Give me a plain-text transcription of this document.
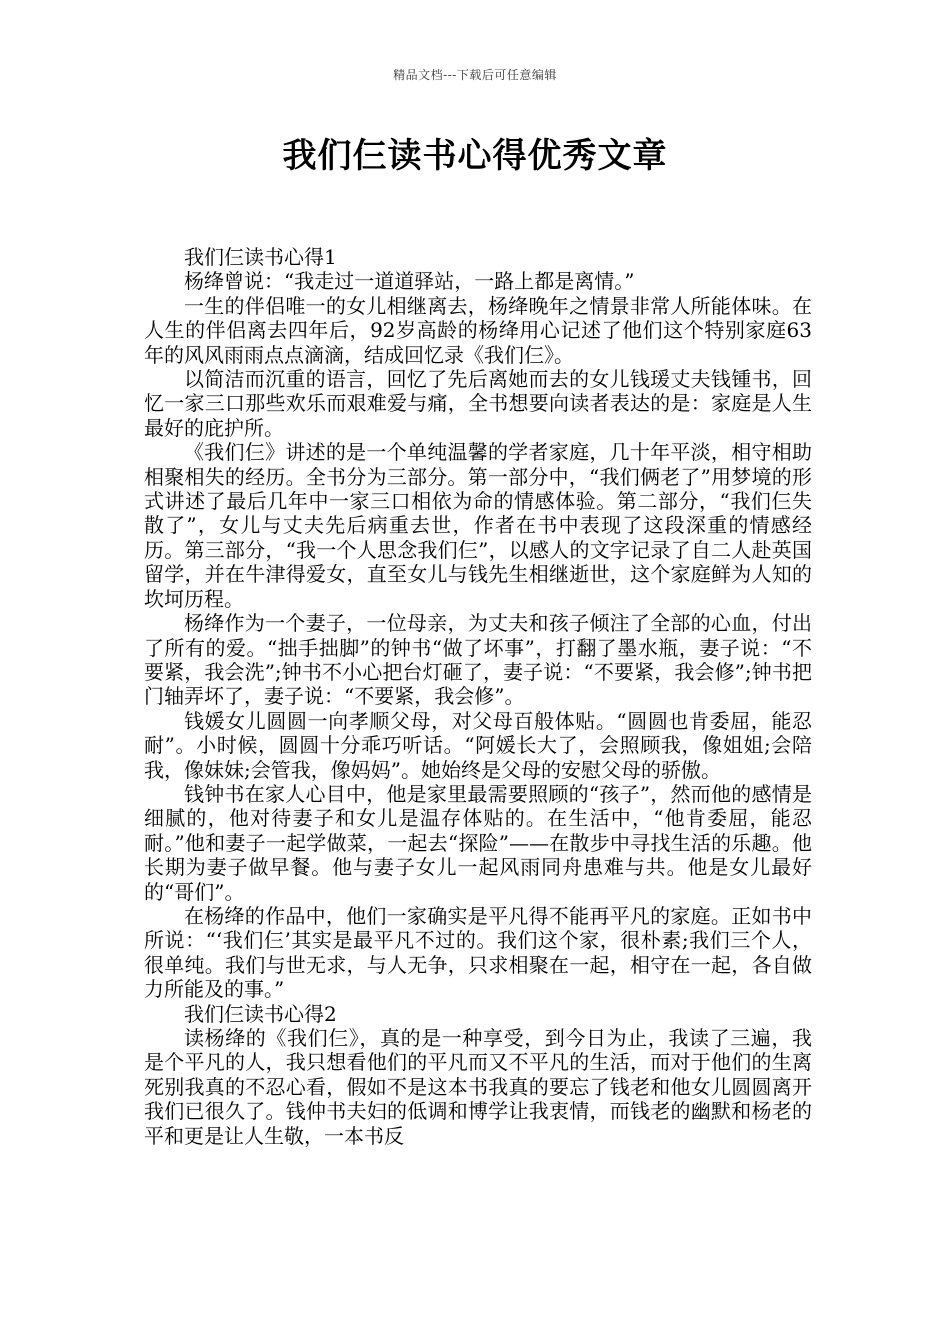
精品文档---下载后可任意编辑
我们仨读书心得优秀文章

我们仨读书心得1

杨绛曾说：“我走过一道道驿站，一路上都是离情。”

一生的伴侣唯一的女儿相继离去，杨绛晚年之情景非常人所能体味。在人生的伴侣离去四年后，92岁高龄的杨绛用心记述了他们这个特别家庭63年的风风雨雨点点滴滴，结成回忆录《我们仨》。

以简洁而沉重的语言，回忆了先后离她而去的女儿钱瑗丈夫钱锺书，回忆一家三口那些欢乐而艰难爱与痛，全书想要向读者表达的是：家庭是人生最好的庇护所。

《我们仨》讲述的是一个单纯温馨的学者家庭，几十年平淡，相守相助相聚相失的经历。全书分为三部分。第一部分中，“我们俩老了”用梦境的形式讲述了最后几年中一家三口相依为命的情感体验。第二部分，“我们仨失散了”，女儿与丈夫先后病重去世，作者在书中表现了这段深重的情感经历。第三部分，“我一个人思念我们仨”，以感人的文字记录了自二人赴英国留学，并在牛津得爱女，直至女儿与钱先生相继逝世，这个家庭鲜为人知的坎坷历程。

杨绛作为一个妻子，一位母亲，为丈夫和孩子倾注了全部的心血，付出了所有的爱。“拙手拙脚”的钟书“做了坏事”，打翻了墨水瓶，妻子说：“不要紧，我会洗”;钟书不小心把台灯砸了，妻子说：“不要紧，我会修”;钟书把门轴弄坏了，妻子说：“不要紧，我会修”。

钱媛女儿圆圆一向孝顺父母，对父母百般体贴。“圆圆也肯委屈，能忍耐”。小时候，圆圆十分乖巧听话。“阿媛长大了，会照顾我，像姐姐;会陪我，像妹妹;会管我，像妈妈”。她始终是父母的安慰父母的骄傲。

钱钟书在家人心目中，他是家里最需要照顾的“孩子”，然而他的感情是细腻的，他对待妻子和女儿是温存体贴的。在生活中，“他肯委屈，能忍耐。”他和妻子一起学做菜，一起去“探险”——在散步中寻找生活的乐趣。他长期为妻子做早餐。他与妻子女儿一起风雨同舟患难与共。他是女儿最好的“哥们”。

在杨绛的作品中，他们一家确实是平凡得不能再平凡的家庭。正如书中所说：“‘我们仨’其实是最平凡不过的。我们这个家，很朴素;我们三个人，很单纯。我们与世无求，与人无争，只求相聚在一起，相守在一起，各自做力所能及的事。”

我们仨读书心得2

读杨绛的《我们仨》，真的是一种享受，到今日为止，我读了三遍，我是个平凡的人，我只想看他们的平凡而又不平凡的生活，而对于他们的生离死别我真的不忍心看，假如不是这本书我真的要忘了钱老和他女儿圆圆离开我们已很久了。钱仲书夫妇的低调和博学让我衷情，而钱老的幽默和杨老的平和更是让人生敬，一本书反
